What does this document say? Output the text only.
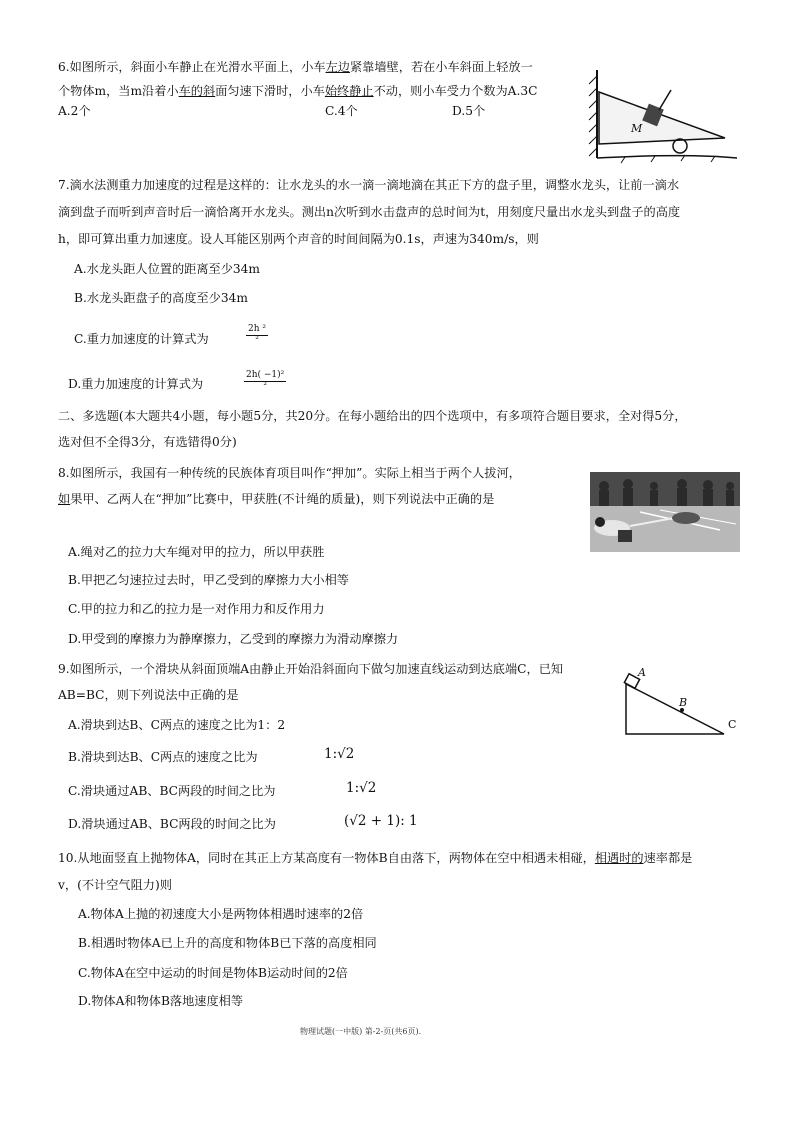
6.如图所示，斜面小车静止在光滑水平面上，小车左边紧靠墙壁，若在小车斜面上轻放一
个物体m，当m沿着小车的斜面匀速下滑时，小车始终静止不动，则小车受力个数为A.3C
A.2个	C.4个	D.5个
M
7.滴水法测重力加速度的过程是这样的：让水龙头的水一滴一滴地滴在其正下方的盘子里，调整水龙头，让前一滴水
滴到盘子而听到声音时后一滴恰离开水龙头。测出n次听到水击盘声的总时间为t，用刻度尺量出水龙头到盘子的高度
h，即可算出重力加速度。设人耳能区别两个声音的时间间隔为0.1s，声速为340m/s，则
A.水龙头距人位置的距离至少34m
B.水龙头距盘子的高度至少34m
C.重力加速度的计算式为
2h ²
²
D.重力加速度的计算式为
2h( −1)²
²
二、多选题(本大题共4小题，每小题5分，共20分。在每小题给出的四个选项中，有多项符合题目要求，全对得5分，
选对但不全得3分，有选错得0分)
8.如图所示，我国有一种传统的民族体育项目叫作“押加”。实际上相当于两个人拔河，
如果甲、乙两人在“押加”比赛中，甲获胜(不计绳的质量)，则下列说法中正确的是
A.绳对乙的拉力大车绳对甲的拉力，所以甲获胜
B.甲把乙匀速拉过去时，甲乙受到的摩擦力大小相等
C.甲的拉力和乙的拉力是一对作用力和反作用力
D.甲受到的摩擦力为静摩擦力，乙受到的摩擦力为滑动摩擦力
9.如图所示，一个滑块从斜面顶端A由静止开始沿斜面向下做匀加速直线运动到达底端C，已知
AB=BC，则下列说法中正确的是
A
B
C
A.滑块到达B、C两点的速度之比为1：2
B.滑块到达B、C两点的速度之比为	1:√2
C.滑块通过AB、BC两段的时间之比为	1:√2
D.滑块通过AB、BC两段的时间之比为	(√2 + 1): 1
10.从地面竖直上抛物体A，同时在其正上方某高度有一物体B自由落下，两物体在空中相遇未相碰，相遇时的速率都是
v，(不计空气阻力)则
A.物体A上抛的初速度大小是两物体相遇时速率的2倍
B.相遇时物体A已上升的高度和物体B已下落的高度相同
C.物体A在空中运动的时间是物体B运动时间的2倍
D.物体A和物体B落地速度相等
物理试题(一中版) 第-2-页(共6页).
